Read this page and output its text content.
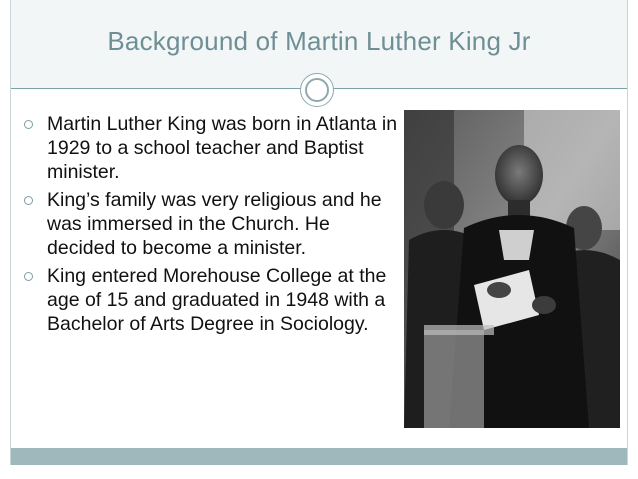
Background of Martin Luther King Jr
Martin Luther King was born in Atlanta in 1929 to a school teacher and Baptist minister.
King’s family was very religious and he was immersed in the Church. He decided to become a minister.
King entered Morehouse College at the age of 15 and graduated in 1948 with a Bachelor of Arts Degree in Sociology.
